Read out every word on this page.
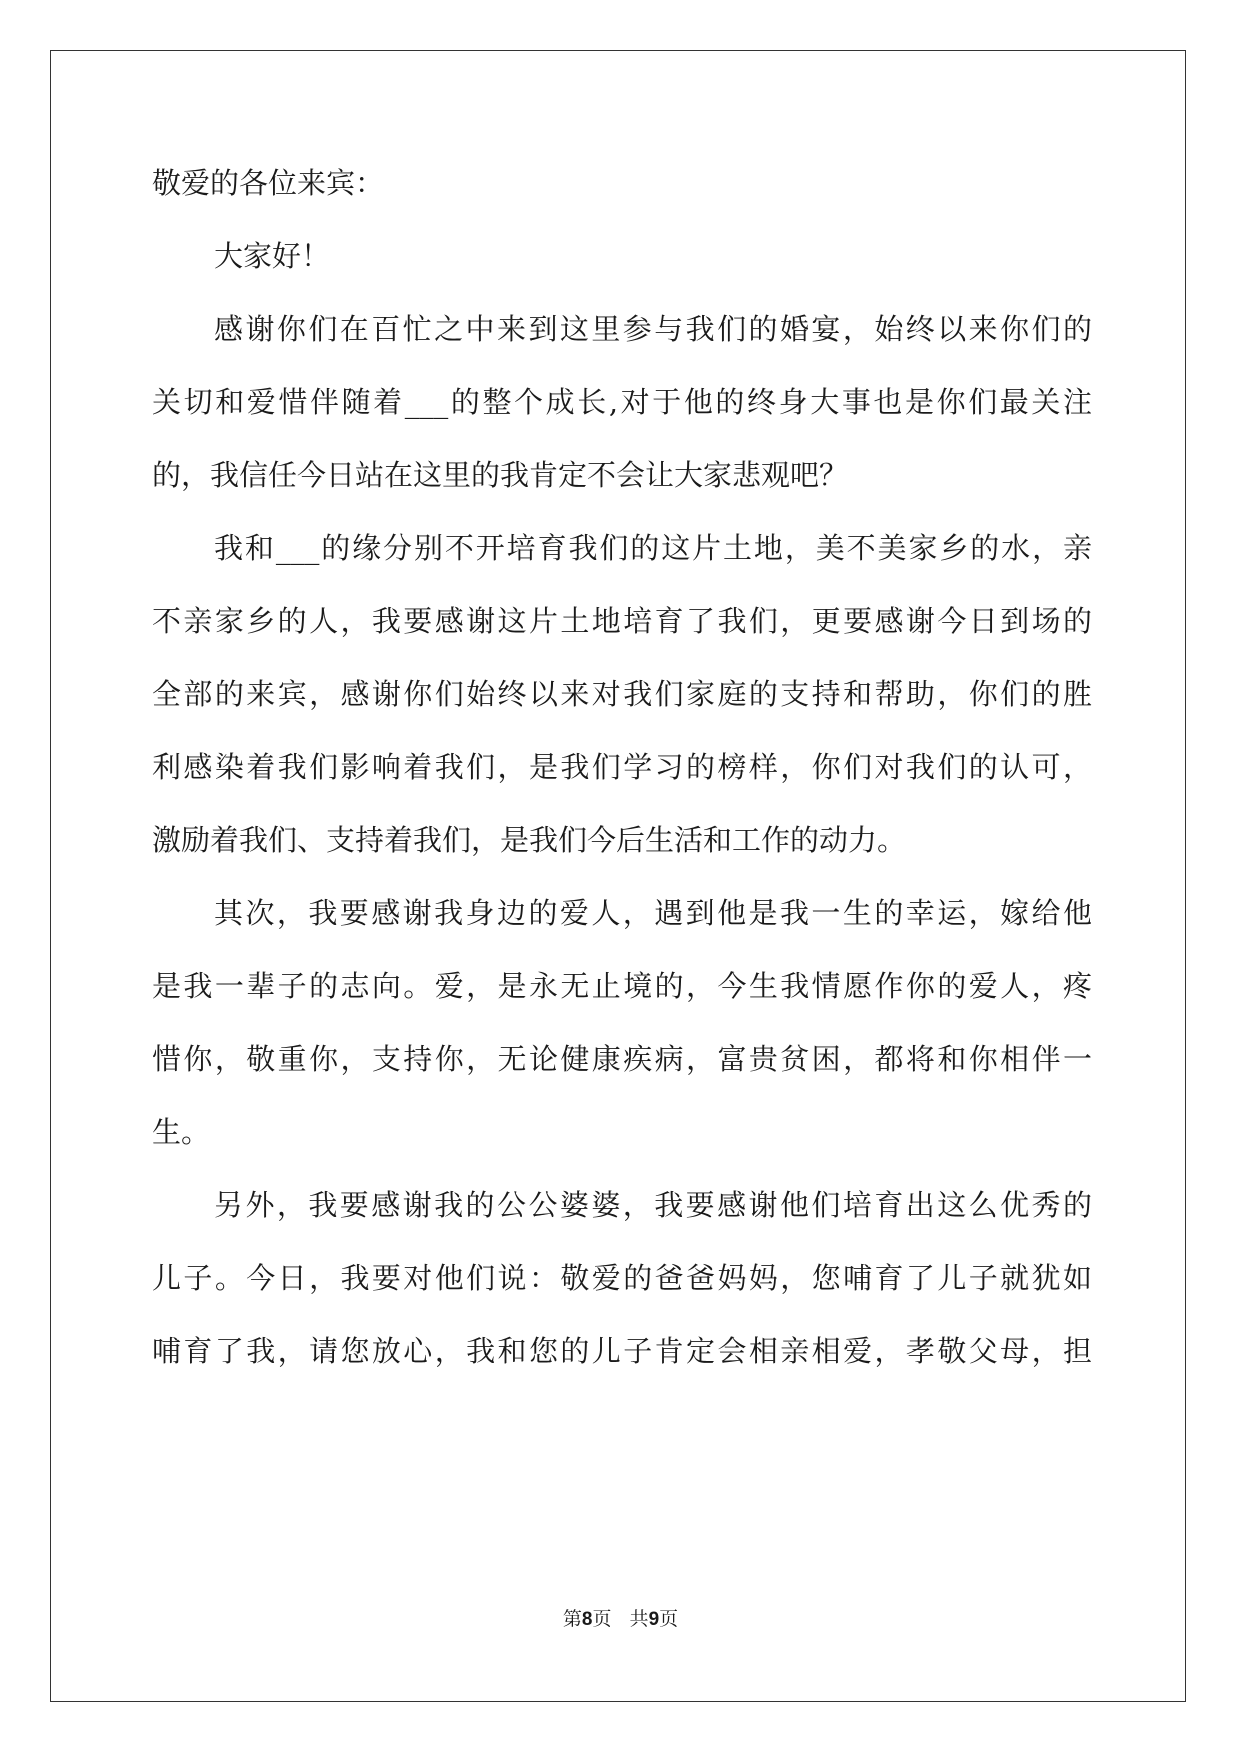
敬爱的各位来宾：
大家好！
感谢你们在百忙之中来到这里参与我们的婚宴，始终以来你们的
关切和爱惜伴随着___的整个成长,对于他的终身大事也是你们最关注
的，我信任今日站在这里的我肯定不会让大家悲观吧？
我和___的缘分别不开培育我们的这片土地，美不美家乡的水，亲
不亲家乡的人，我要感谢这片土地培育了我们，更要感谢今日到场的
全部的来宾，感谢你们始终以来对我们家庭的支持和帮助，你们的胜
利感染着我们影响着我们，是我们学习的榜样，你们对我们的认可，
激励着我们、支持着我们，是我们今后生活和工作的动力。
其次，我要感谢我身边的爱人，遇到他是我一生的幸运，嫁给他
是我一辈子的志向。爱，是永无止境的，今生我情愿作你的爱人，疼
惜你，敬重你，支持你，无论健康疾病，富贵贫困，都将和你相伴一
生。
另外，我要感谢我的公公婆婆，我要感谢他们培育出这么优秀的
儿子。今日，我要对他们说：敬爱的爸爸妈妈，您哺育了儿子就犹如
哺育了我，请您放心，我和您的儿子肯定会相亲相爱，孝敬父母，担
第8页   共9页
